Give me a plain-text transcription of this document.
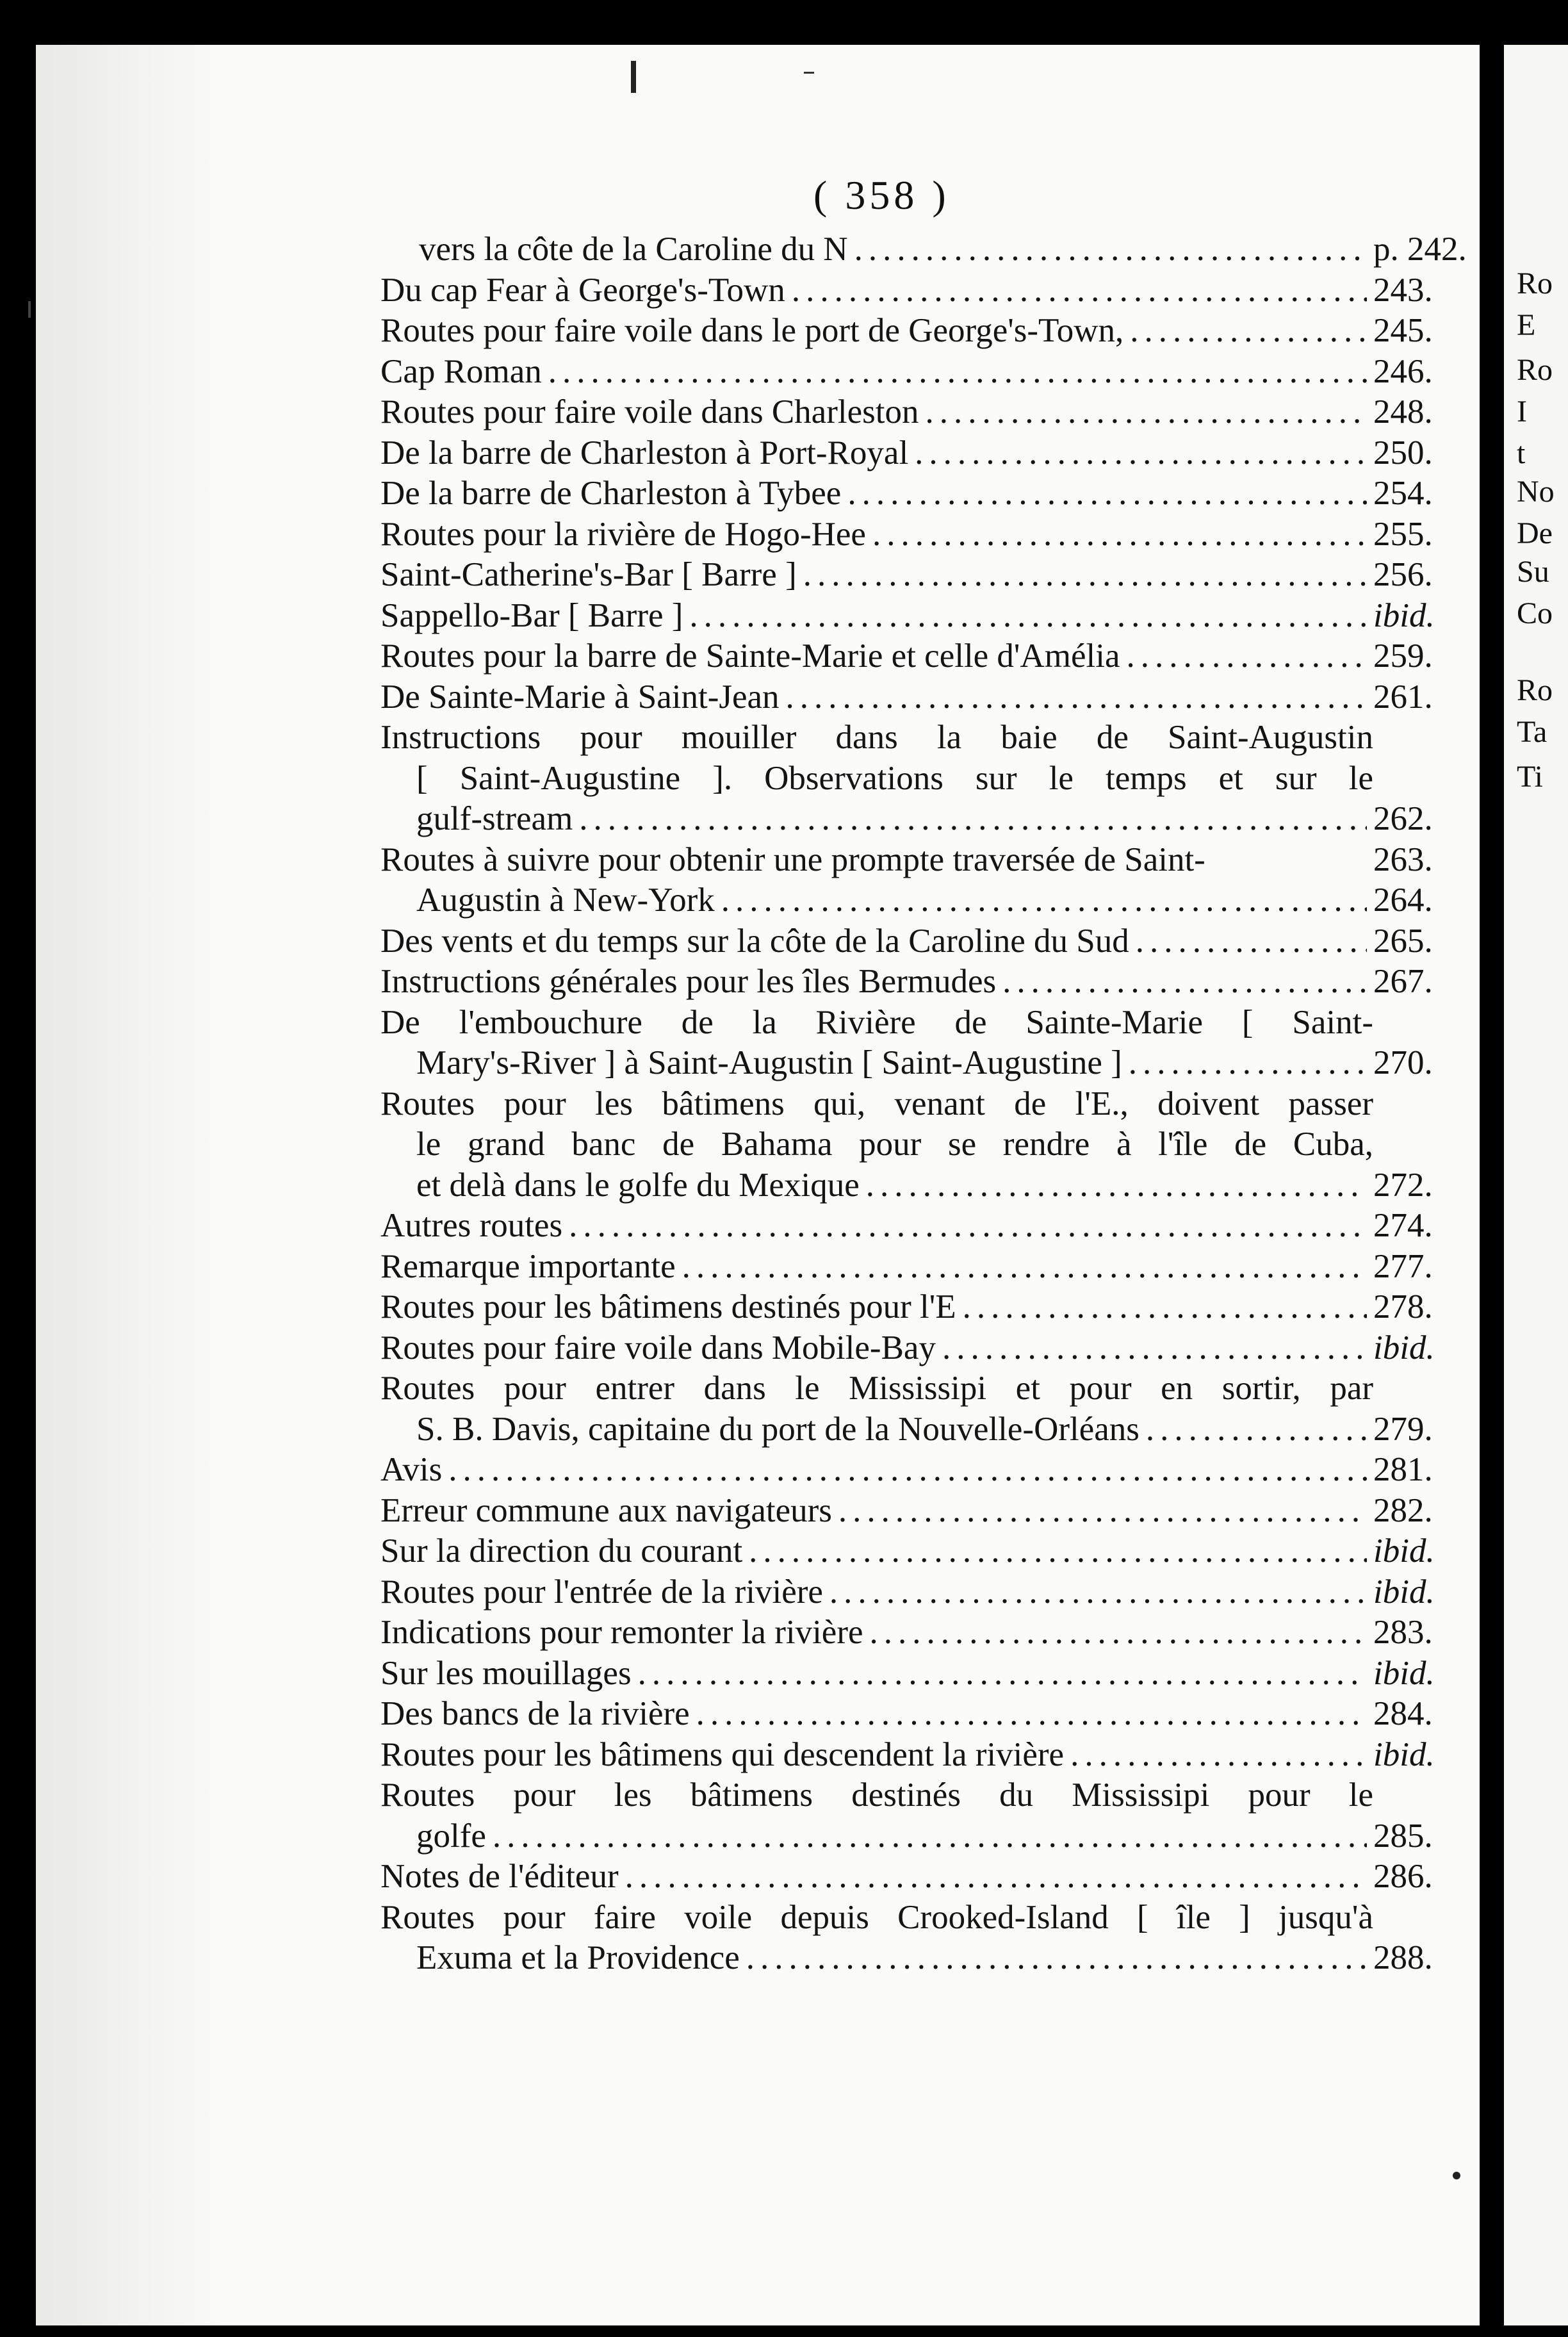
Ro
E
Ro
I
t
No
De
Su
Co
Ro
Ta
Ti
( 358 )
vers la côte de la Caroline du N .....	p. 242.
Du cap Fear à George's-Town .....	243.
Routes pour faire voile dans le port de George's-Town, .....	245.
Cap Roman .....	246.
Routes pour faire voile dans Charleston .....	248.
De la barre de Charleston à Port-Royal .....	250.
De la barre de Charleston à Tybee .....	254.
Routes pour la rivière de Hogo-Hee .....	255.
Saint-Catherine's-Bar [ Barre ] .....	256.
Sappello-Bar [ Barre ] .....	ibid.
Routes pour la barre de Sainte-Marie et celle d'Amélia .....	259.
De Sainte-Marie à Saint-Jean .....	261.
Instructions pour mouiller dans la baie de Saint-Augustin
[ Saint-Augustine ]. Observations sur le temps et sur le
gulf-stream .....	262.
Routes à suivre pour obtenir une prompte traversée de Saint-	263.
Augustin à New-York .....	264.
Des vents et du temps sur la côte de la Caroline du Sud .....	265.
Instructions générales pour les îles Bermudes .....	267.
De l'embouchure de la Rivière de Sainte-Marie [ Saint-
Mary's-River ] à Saint-Augustin [ Saint-Augustine ] .....	270.
Routes pour les bâtimens qui, venant de l'E., doivent passer
le grand banc de Bahama pour se rendre à l'île de Cuba,
et delà dans le golfe du Mexique .....	272.
Autres routes .....	274.
Remarque importante .....	277.
Routes pour les bâtimens destinés pour l'E .....	278.
Routes pour faire voile dans Mobile-Bay .....	ibid.
Routes pour entrer dans le Mississipi et pour en sortir, par
S. B. Davis, capitaine du port de la Nouvelle-Orléans .....	279.
Avis .....	281.
Erreur commune aux navigateurs .....	282.
Sur la direction du courant .....	ibid.
Routes pour l'entrée de la rivière .....	ibid.
Indications pour remonter la rivière .....	283.
Sur les mouillages .....	ibid.
Des bancs de la rivière .....	284.
Routes pour les bâtimens qui descendent la rivière .....	ibid.
Routes pour les bâtimens destinés du Mississipi pour le
golfe .....	285.
Notes de l'éditeur .....	286.
Routes pour faire voile depuis Crooked-Island [ île ] jusqu'à
Exuma et la Providence .....	288.
